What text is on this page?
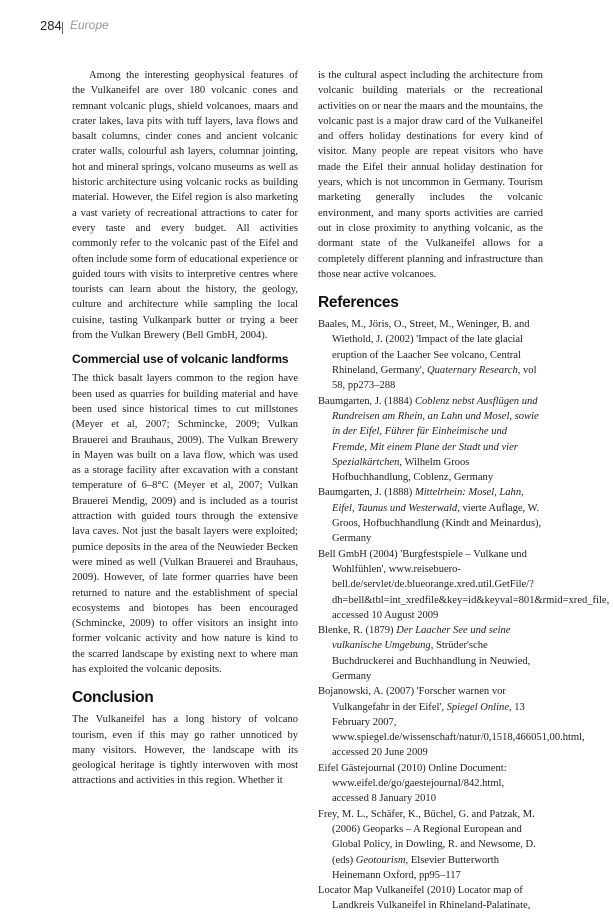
284 Europe

Among the interesting geophysical features of the Vulkaneifel are over 180 volcanic cones and remnant volcanic plugs, shield volcanoes, maars and crater lakes, lava pits with tuff layers, lava flows and basalt columns, cinder cones and ancient volcanic crater walls, colourful ash layers, columnar jointing, hot and mineral springs, volcano museums as well as historic architecture using volcanic rocks as building material. However, the Eifel region is also marketing a vast variety of recreational attractions to cater for every taste and every budget. All activities commonly refer to the volcanic past of the Eifel and often include some form of educational experience or guided tours with visits to interpretive centres where tourists can learn about the history, the geology, culture and architecture while sampling the local cuisine, tasting Vulkanpark butter or trying a beer from the Vulkan Brewery (Bell GmbH, 2004).

Commercial use of volcanic landforms

The thick basalt layers common to the region have been used as quarries for building material and have been used since historical times to cut millstones (Meyer et al, 2007; Schmincke, 2009; Vulkan Brauerei and Brauhaus, 2009). The Vulkan Brewery in Mayen was built on a lava flow, which was used as a storage facility after excavation with a constant temperature of 6–8°C (Meyer et al, 2007; Vulkan Brauerei Mendig, 2009) and is included as a tourist attraction with guided tours through the extensive lava caves. Not just the basalt layers were exploited; pumice deposits in the area of the Neuwieder Becken were mined as well (Vulkan Brauerei and Brauhaus, 2009). However, of late former quarries have been returned to nature and the establishment of special ecosystems and biotopes has been encouraged (Schmincke, 2009) to offer visitors an insight into former volcanic activity and how nature is kind to the scarred landscape by existing next to where man has exploited the volcanic deposits.

Conclusion

The Vulkaneifel has a long history of volcano tourism, even if this may go rather unnoticed by many visitors. However, the landscape with its geological heritage is tightly interwoven with most attractions and activities in this region. Whether it

is the cultural aspect including the architecture from volcanic building materials or the recreational activities on or near the maars and the mountains, the volcanic past is a major draw card of the Vulkaneifel and offers holiday destinations for every kind of visitor. Many people are repeat visitors who have made the Eifel their annual holiday destination for years, which is not uncommon in Germany. Tourism marketing generally includes the volcanic environment, and many sports activities are carried out in close proximity to anything volcanic, as the dormant state of the Vulkaneifel allows for a completely different planning and infrastructure than those near active volcanoes.

References

Baales, M., Jöris, O., Street, M., Weninger, B. and Wiethold, J. (2002) 'Impact of the late glacial eruption of the Laacher See volcano, Central Rhineland, Germany', Quaternary Research, vol 58, pp273–288

Baumgarten, J. (1884) Coblenz nebst Ausflügen und Rundreisen am Rhein, an Lahn und Mosel, sowie in der Eifel, Führer für Einheimische und Fremde, Mit einem Plane der Stadt und vier Spezialkärtchen, Wilhelm Groos Hofbuchhandlung, Coblenz, Germany

Baumgarten, J. (1888) Mittelrhein: Mosel, Lahn, Eifel, Taunus und Westerwald, vierte Auflage, W. Groos, Hofbuchhandlung (Kindt and Meinardus), Germany

Bell GmbH (2004) 'Burgfestspiele – Vulkane und Wohlfühlen', www.reisebuero-bell.de/servlet/de.blueorange.xred.util.GetFile/?dh=bell&tbl=int_xredfile&key=id&keyval=801&rmid=xred_file, accessed 10 August 2009

Blenke, R. (1879) Der Laacher See und seine vulkanische Umgebung, Strüder'sche Buchdruckerei and Buchhandlung in Neuwied, Germany

Bojanowski, A. (2007) 'Forscher warnen vor Vulkangefahr in der Eifel', Spiegel Online, 13 February 2007, www.spiegel.de/wissenschaft/natur/0,1518,466051,00.html, accessed 20 June 2009

Eifel Gästejournal (2010) Online Document: www.eifel.de/go/gaestejournal/842.html, accessed 8 January 2010

Frey, M. L., Schäfer, K., Büchel, G. and Patzak, M. (2006) Geoparks – A Regional European and Global Policy, in Dowling, R. and Newsome, D. (eds) Geotourism, Elsevier Butterworth Heinemann Oxford, pp95–117

Locator Map Vulkaneifel (2010) Locator map of Landkreis Vulkaneifel in Rhineland-Palatinate,
